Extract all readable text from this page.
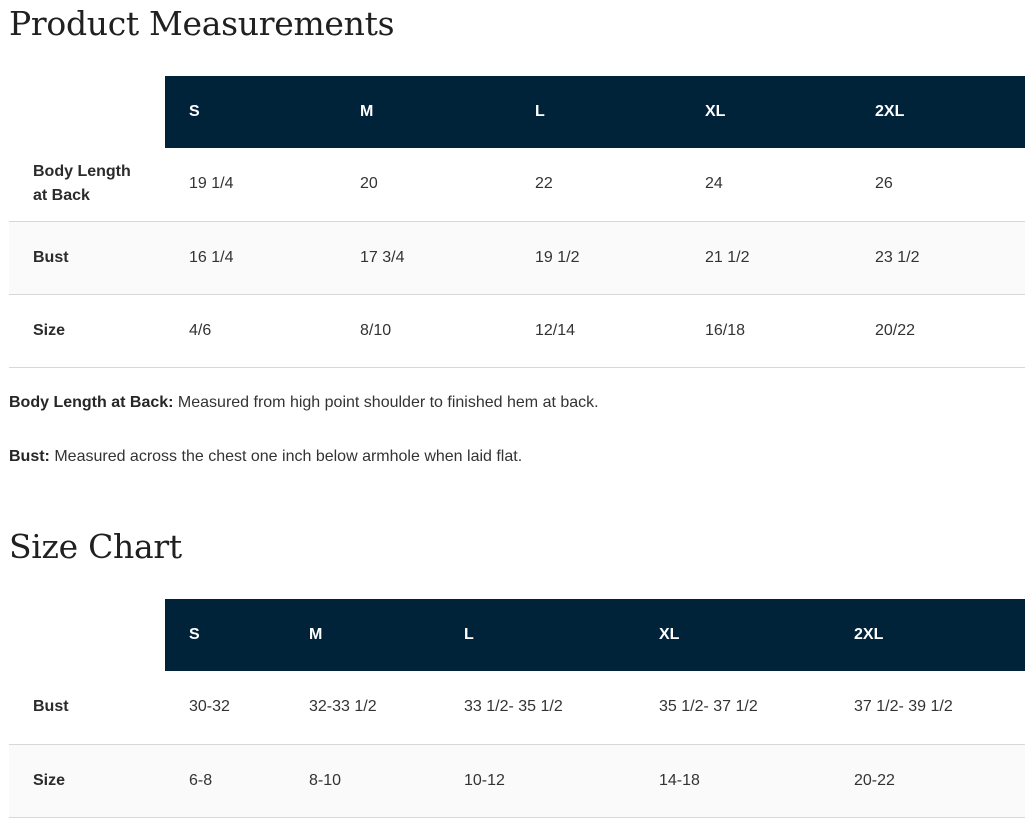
Product Measurements
	S	M	L	XL	2XL
Body Length at Back	19 1/4	20	22	24	26
Bust	16 1/4	17 3/4	19 1/2	21 1/2	23 1/2
Size	4/6	8/10	12/14	16/18	20/22

Body Length at Back: Measured from high point shoulder to finished hem at back.

Bust: Measured across the chest one inch below armhole when laid flat.

Size Chart
	S	M	L	XL	2XL
Bust	30-32	32-33 1/2	33 1/2- 35 1/2	35 1/2- 37 1/2	37 1/2- 39 1/2
Size	6-8	8-10	10-12	14-18	20-22
